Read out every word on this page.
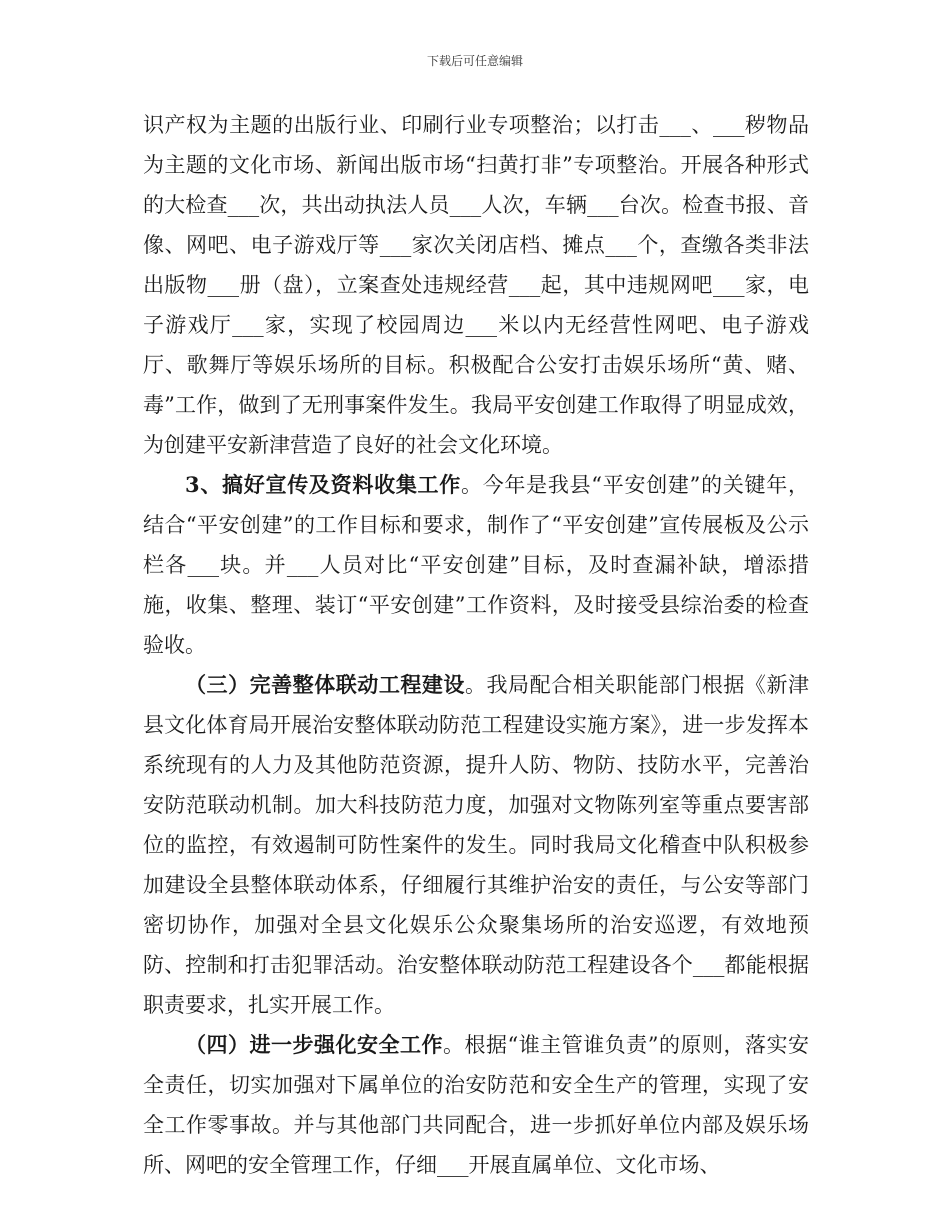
下载后可任意编辑

识产权为主题的出版行业、印刷行业专项整治；以打击___、___秽物品为主题的文化市场、新闻出版市场“扫黄打非”专项整治。开展各种形式的大检查___次，共出动执法人员___人次，车辆___台次。检查书报、音像、网吧、电子游戏厅等___家次关闭店档、摊点___个，查缴各类非法出版物___册（盘），立案查处违规经营___起，其中违规网吧___家，电子游戏厅___家，实现了校园周边___米以内无经营性网吧、电子游戏厅、歌舞厅等娱乐场所的目标。积极配合公安打击娱乐场所“黄、赌、毒”工作，做到了无刑事案件发生。我局平安创建工作取得了明显成效，为创建平安新津营造了良好的社会文化环境。

3、搞好宣传及资料收集工作。今年是我县“平安创建”的关键年，结合“平安创建”的工作目标和要求，制作了“平安创建”宣传展板及公示栏各___块。并___人员对比“平安创建”目标，及时查漏补缺，增添措施，收集、整理、装订“平安创建”工作资料，及时接受县综治委的检查验收。

（三）完善整体联动工程建设。我局配合相关职能部门根据《新津县文化体育局开展治安整体联动防范工程建设实施方案》，进一步发挥本系统现有的人力及其他防范资源，提升人防、物防、技防水平，完善治安防范联动机制。加大科技防范力度，加强对文物陈列室等重点要害部位的监控，有效遏制可防性案件的发生。同时我局文化稽查中队积极参加建设全县整体联动体系，仔细履行其维护治安的责任，与公安等部门密切协作，加强对全县文化娱乐公众聚集场所的治安巡逻，有效地预防、控制和打击犯罪活动。治安整体联动防范工程建设各个___都能根据职责要求，扎实开展工作。

（四）进一步强化安全工作。根据“谁主管谁负责”的原则，落实安全责任，切实加强对下属单位的治安防范和安全生产的管理，实现了安全工作零事故。并与其他部门共同配合，进一步抓好单位内部及娱乐场所、网吧的安全管理工作，仔细___开展直属单位、文化市场、
